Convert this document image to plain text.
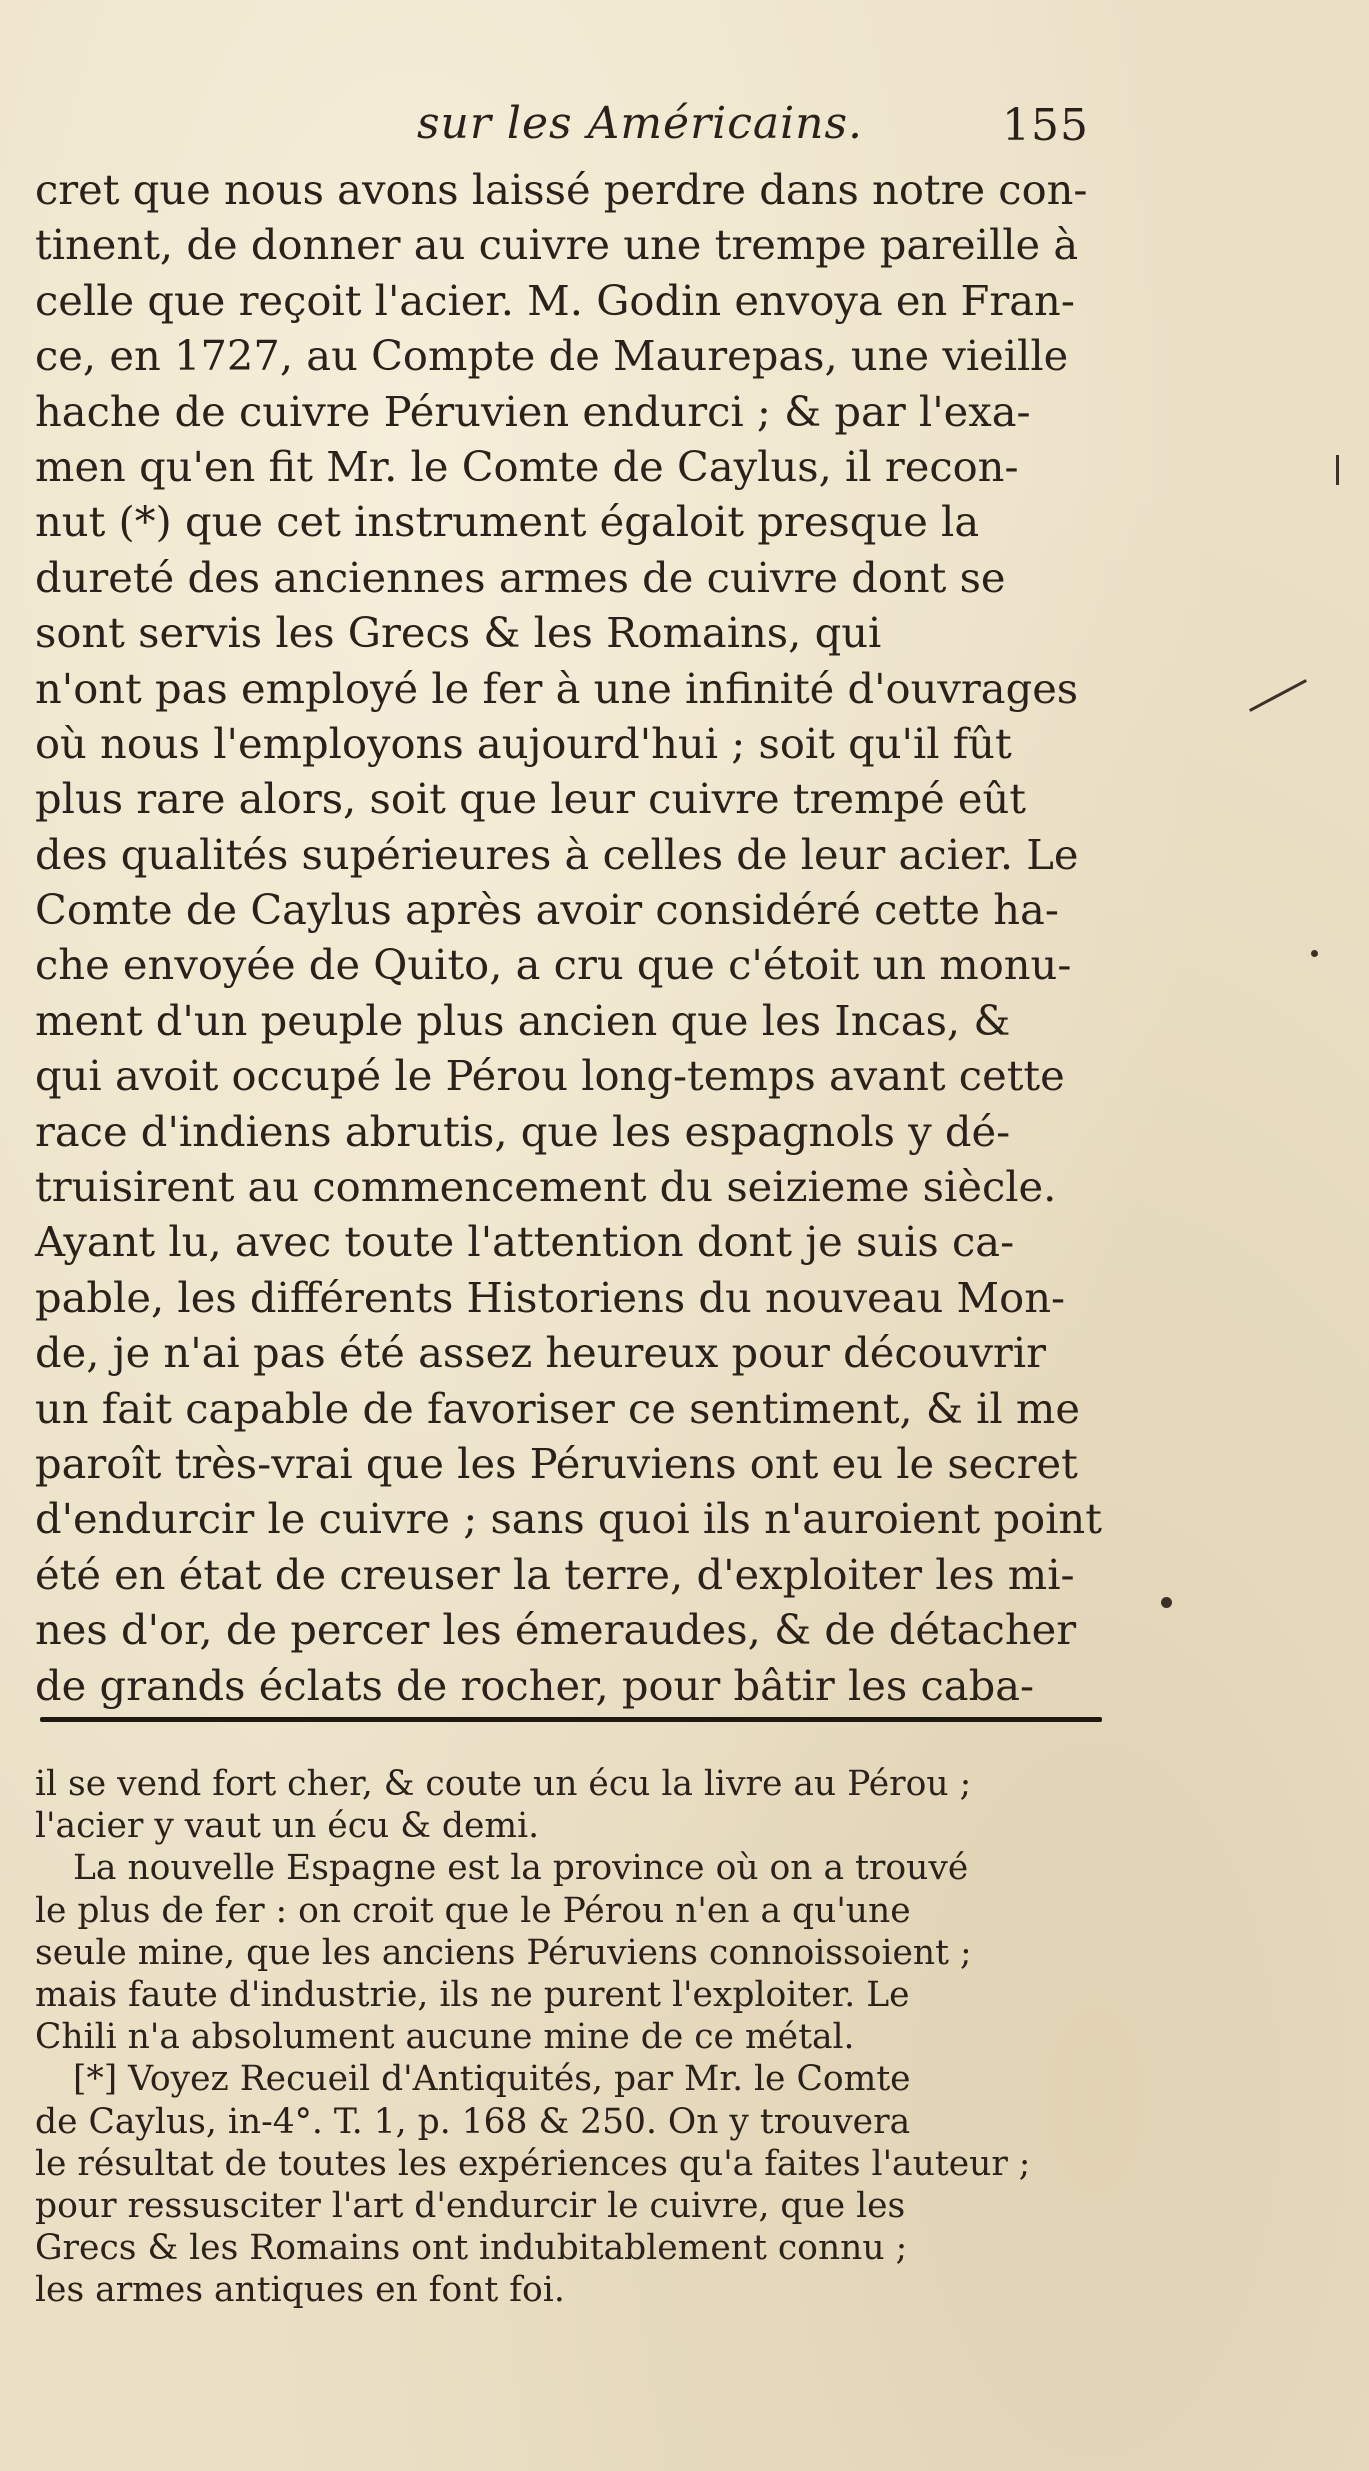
sur les Américains.	155
cret que nous avons laissé perdre dans notre con-
tinent, de donner au cuivre une trempe pareille à
celle que reçoit l'acier. M. Godin envoya en Fran-
ce, en 1727, au Compte de Maurepas, une vieille
hache de cuivre Péruvien endurci ; & par l'exa-
men qu'en fit Mr. le Comte de Caylus, il recon-
nut (*) que cet instrument égaloit presque la
dureté des anciennes armes de cuivre dont se
sont servis les Grecs & les Romains, qui
n'ont pas employé le fer à une infinité d'ouvrages
où nous l'employons aujourd'hui ; soit qu'il fût
plus rare alors, soit que leur cuivre trempé eût
des qualités supérieures à celles de leur acier. Le
Comte de Caylus après avoir considéré cette ha-
che envoyée de Quito, a cru que c'étoit un monu-
ment d'un peuple plus ancien que les Incas, &
qui avoit occupé le Pérou long-temps avant cette
race d'indiens abrutis, que les espagnols y dé-
truisirent au commencement du seizieme siècle.
Ayant lu, avec toute l'attention dont je suis ca-
pable, les différents Historiens du nouveau Mon-
de, je n'ai pas été assez heureux pour découvrir
un fait capable de favoriser ce sentiment, & il me
paroît très-vrai que les Péruviens ont eu le secret
d'endurcir le cuivre ; sans quoi ils n'auroient point
été en état de creuser la terre, d'exploiter les mi-
nes d'or, de percer les émeraudes, & de détacher
de grands éclats de rocher, pour bâtir les caba-
il se vend fort cher, & coute un écu la livre au Pérou ;
l'acier y vaut un écu & demi.
La nouvelle Espagne est la province où on a trouvé
le plus de fer : on croit que le Pérou n'en a qu'une
seule mine, que les anciens Péruviens connoissoient ;
mais faute d'industrie, ils ne purent l'exploiter. Le
Chili n'a absolument aucune mine de ce métal.
[*] Voyez Recueil d'Antiquités, par Mr. le Comte
de Caylus, in-4°. T. 1, p. 168 & 250. On y trouvera
le résultat de toutes les expériences qu'a faites l'auteur ;
pour ressusciter l'art d'endurcir le cuivre, que les
Grecs & les Romains ont indubitablement connu ;
les armes antiques en font foi.
